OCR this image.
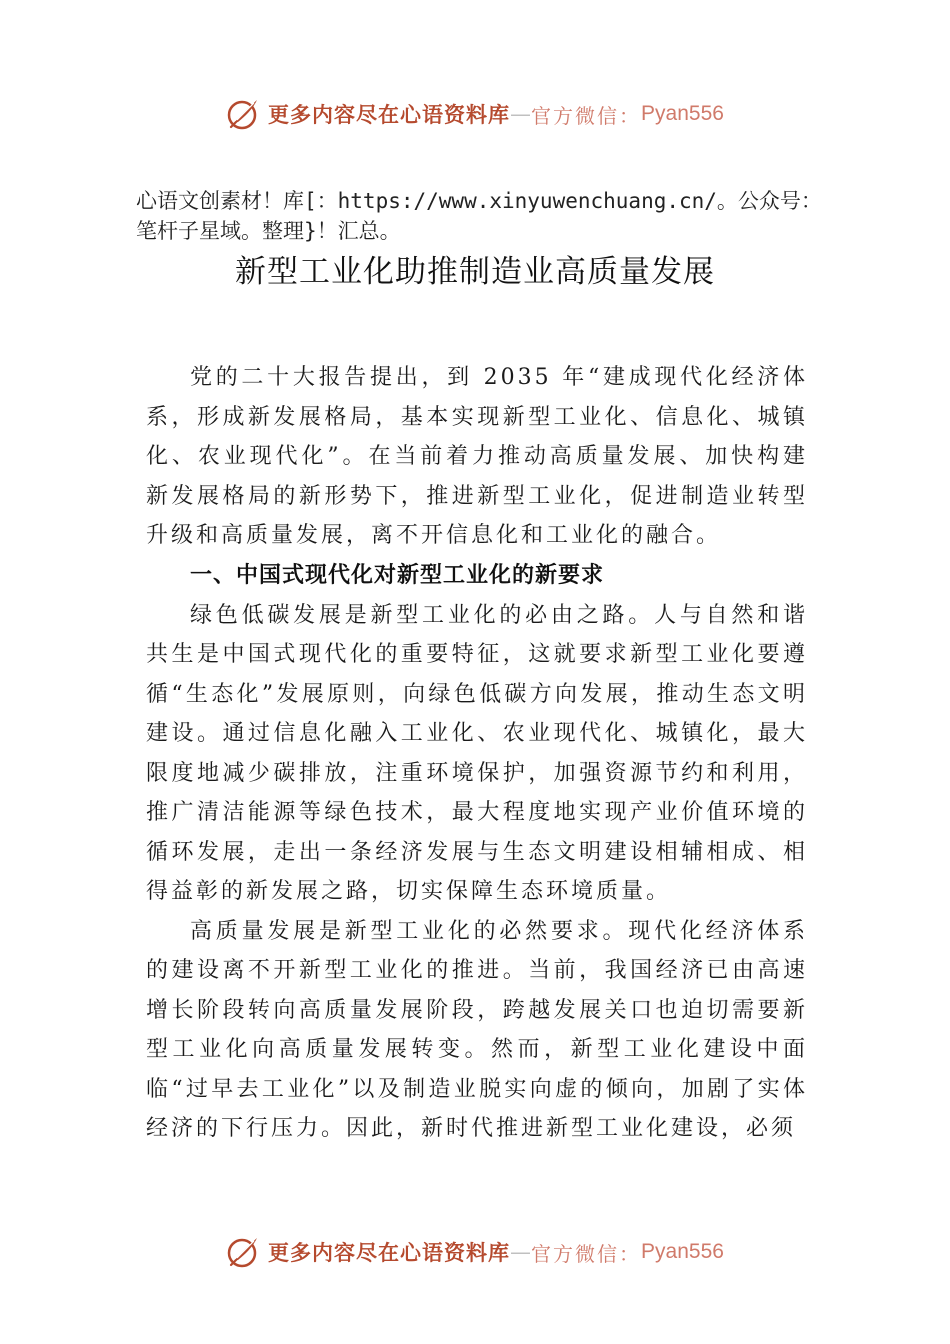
更多内容尽在心语资料库 — 官方微信： Pyan556
心语文创素材！库[：https://www.xinyuwenchuang.cn/。公众号：笔杆子星域。整理}！汇总。
新型工业化助推制造业高质量发展

党的二十大报告提出，到 2035 年“建成现代化经济体系，形成新发展格局，基本实现新型工业化、信息化、城镇化、农业现代化”。在当前着力推动高质量发展、加快构建新发展格局的新形势下，推进新型工业化，促进制造业转型升级和高质量发展，离不开信息化和工业化的融合。

一、中国式现代化对新型工业化的新要求

绿色低碳发展是新型工业化的必由之路。人与自然和谐共生是中国式现代化的重要特征，这就要求新型工业化要遵循“生态化”发展原则，向绿色低碳方向发展，推动生态文明建设。通过信息化融入工业化、农业现代化、城镇化，最大限度地减少碳排放，注重环境保护，加强资源节约和利用，推广清洁能源等绿色技术，最大程度地实现产业价值环境的循环发展，走出一条经济发展与生态文明建设相辅相成、相得益彰的新发展之路，切实保障生态环境质量。

高质量发展是新型工业化的必然要求。现代化经济体系的建设离不开新型工业化的推进。当前，我国经济已由高速增长阶段转向高质量发展阶段，跨越发展关口也迫切需要新型工业化向高质量发展转变。然而，新型工业化建设中面临“过早去工业化”以及制造业脱实向虚的倾向，加剧了实体经济的下行压力。因此，新时代推进新型工业化建设，必须

更多内容尽在心语资料库 — 官方微信： Pyan556
